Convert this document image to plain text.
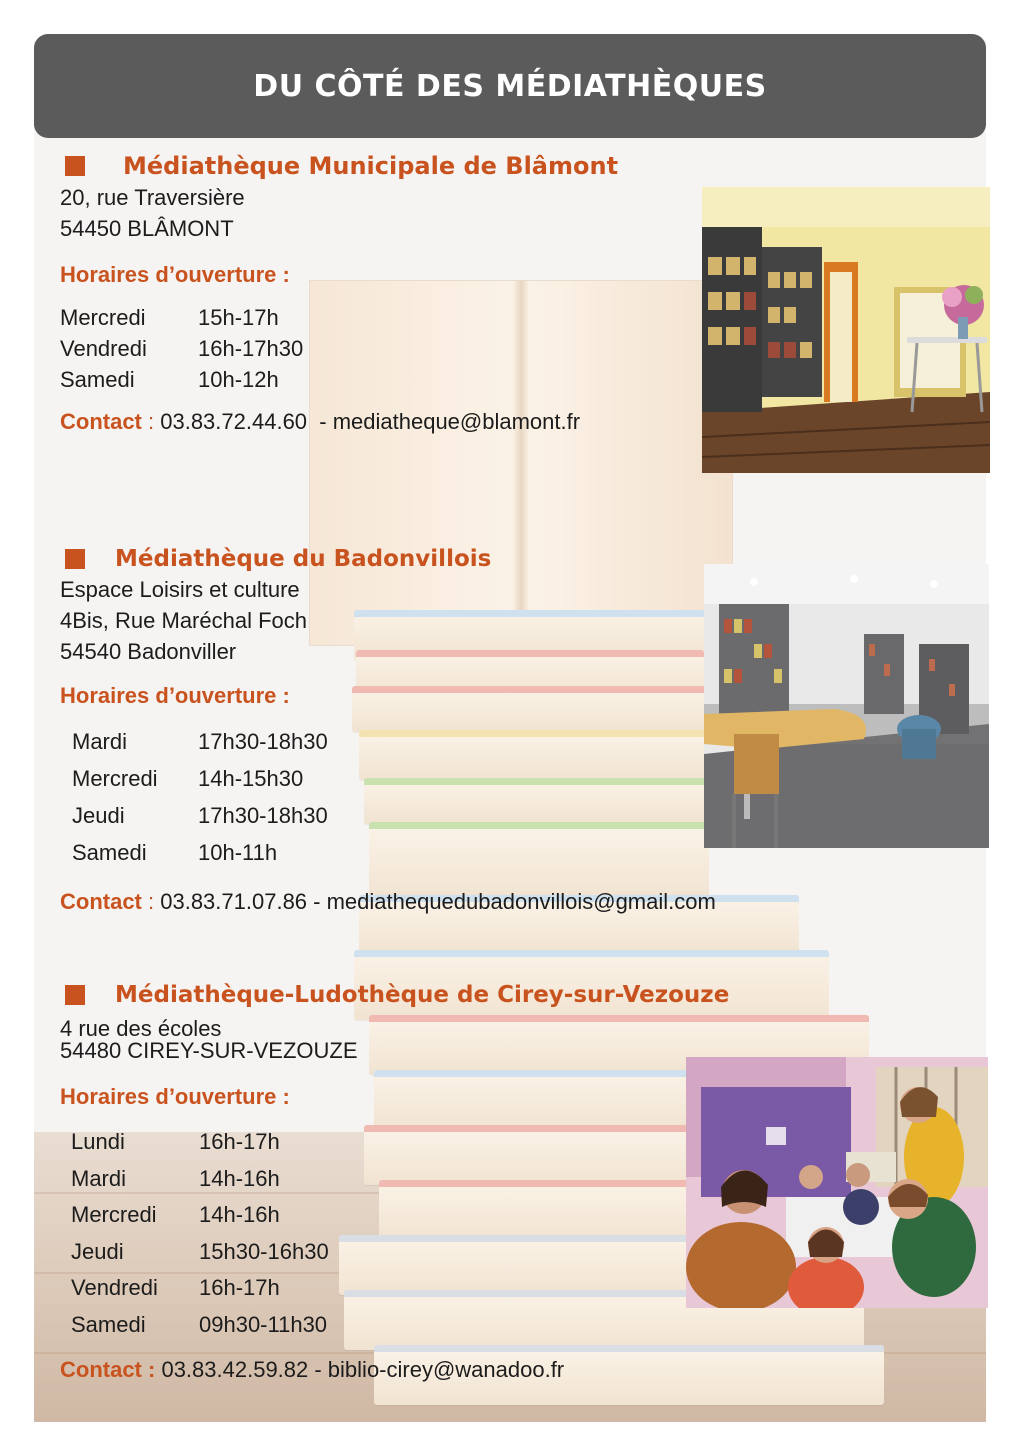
DU CÔTÉ DES MÉDIATHÈQUES
Médiathèque Municipale de Blâmont
20, rue Traversière
54450 BLÂMONT

Horaires d’ouverture :

Mercredi	15h-17h
Vendredi	16h-17h30
Samedi	10h-12h
Contact : 03.83.72.44.60  - mediatheque@blamont.fr
Médiathèque du Badonvillois
Espace Loisirs et culture
4Bis, Rue Maréchal Foch
54540 Badonviller

Horaires d’ouverture :

Mardi	17h30-18h30
Mercredi	14h-15h30
Jeudi	17h30-18h30
Samedi	10h-11h
Contact : 03.83.71.07.86 - mediathequedubadonvillois@gmail.com
Médiathèque-Ludothèque de Cirey-sur-Vezouze
4 rue des écoles
54480 CIREY-SUR-VEZOUZE

Horaires d’ouverture :

Lundi	16h-17h
Mardi	14h-16h
Mercredi	14h-16h
Jeudi	15h30-16h30
Vendredi	16h-17h
Samedi	09h30-11h30
Contact : 03.83.42.59.82 - biblio-cirey@wanadoo.fr
